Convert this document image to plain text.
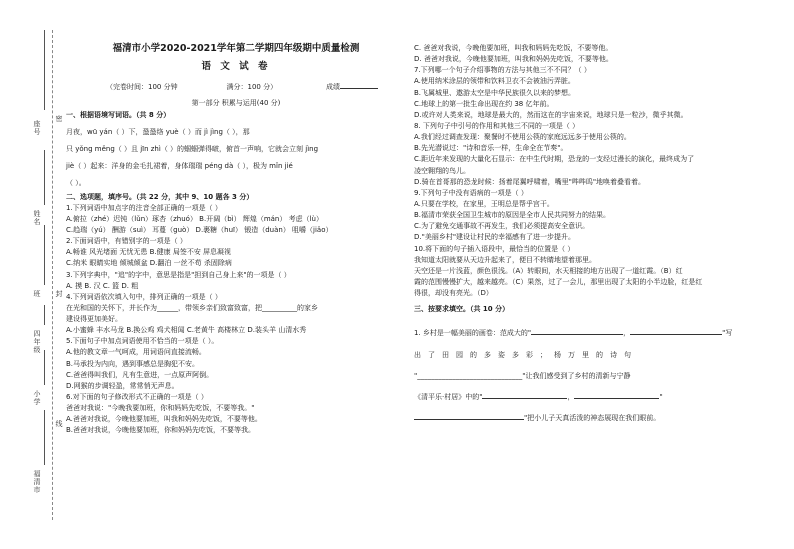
座号
姓名
班
四年级
小学
福清市
密
封
线
福清市小学2020-2021学年第二学期四年级期中质量检测
语 文 试 卷
（完卷时间：100 分钟	满分：100 分）	成绩
第一部分 积累与运用(40 分)
一、根据语境写词语。（共 8 分）
月夜，wū yán（ ）下，蛩蛩络 yuè（ ）而 jì jìng（ ），那
只 yǒng měng（ ）且 jīn zhì（ ）的蝈蝈弹得啵，俯首一声响，它就会立刻 jìng
jiè（ ）起来：洋身的金毛扎裙着，身体瑞瑞 péng dà（ ），极为 mǐn jié
（ ）。
二、选项题，填序号。（共 22 分，其中 9、10 题各 3 分）
1.下列词语中加点字的注音全部正确的一项是（ ）
A.俯拉（zhé）迟钝（lǔn）琢杏（zhuó） B.开阔（bì） 辉煌（mán） 考虑（lù）
C.趋瑞（yú） 酬游（suì） 耳蔓（guò） D.裹糖（huī） 锻造（duàn） 咀嚼（jiǎo）
2.下面词语中，有错别字的一项是（ ）
A.畅谁 风光堵面 无忧无患 B.健康 局签不安 屏息凝视
C.纳米 眼睛实地 倾城倾盆 D.翻泊 一丝不苟 杀固除病
3.下列字典中，"追"的字中，意思是指是"担到自己身上来"的一项是（ ）
A. 摸 B. 汉 C. 篮 D. 粗
4.下列词语依次填入句中，排列正确的一项是（ ）
在光和国的关怀下，并长作为______，带领乡亲们致富致富，把__________的家乡
建设得更加美好。
A.小蜜蜂 丰水马龙 B.换公鸡 鸡犬相闻 C.老黄牛 高楼林立 D.装头羊 山清水秀
5.下面句子中加点词语使用不恰当的一项是（ ）。
A.他的教文章一气呵成，用词语问直接流畅。
B.马承投为内向，遇到事感总是胸犯不安。
C.爸爸得叫我们，凡有生意进，一点原声阿倒。
D.网猴的步调轻盈，常常悄无声息。
6.对下面的句子修改形式不正确的一项是（ ）
爸爸对我说："今晚我要加班，你和妈妈先吃饭，不要等我。"
A.爸爸对我说，今晚他要加班，叫我和妈妈先吃饭，不要等他。
B.爸爸对我说，今晚他要加班，你和妈妈先吃饭，不要等我。
C. 爸爸对我说，今晚他要加班，叫我和妈妈先吃饭，不要等他。
D. 爸爸对我说，今晚他要加班，叫我和妈妈先吃饭，不要等他。
7.下列哪一个句子介绍事物的方法与其他三不不同？（ ）
A.使用纳米涂层的领带和饮料卫衣不会被油污弄脏。
B.飞属城里、遨游太空是中华民族很久以来的梦想。
C.地球上的第一批生命出现在约 38 亿年前。
D.或许对人类来说，地球是最大的，然而这在的宇宙来说，地球只是一粒沙，微乎其微。
8. 下列句子中引号的作用和其他三不同的一项是（ ）
A.我们经过调查发现：聚餐时不使用公筷的家庭远远多于使用公筷的。
B.先光潜说过："诗和音乐一样，生命全在节奏"。
C.距近年来发现的大量化石显示：在中生代时期，恐龙的一支经过漫长的演化，最终成为了
凌空翱翔的鸟儿。
D.骑在首哥那的恐龙时候：扬着尾翼呼啸着，嘴里"哔哔呜"地唤着叠看着。
9.下列句子中没有语病的一项是（ ）
A.只要在学校，在家里，王明总是帮乎宫干。
B.福清市荣获全国卫生城市的原因是全市人民共同努力的结果。
C.为了避免交通事故不再发生，我们必须提高安全意识。
D."美丽乡村"建设让村民的幸福感有了进一步提升。
10.将下面的句子插入语段中，最恰当的位置是（ ）
我知道太阳就要从天边升起来了，便目不转睛地望着那里。
天空还是一片浅蓝，颜色很浅。（A）转眼间，水天相接的地方出现了一道红霞。（B）红
霞的范围慢慢扩大，越来越亮。（C）果然，过了一会儿，那里出现了太阳的小半边脸，红是红
得很，却没有亮光。（D）
三、按要求填空。（共 10 分）
1. 乡村是一幅美丽的画卷：范成大的"	，	"写
出了田园的多姿多彩；杨万里的诗句
"______________________________"让我们感受到了乡村的清新与宁静
《清平乐·村居》中的"	，	"
"把小儿子天真活泼的神态展现在我们眼前。
